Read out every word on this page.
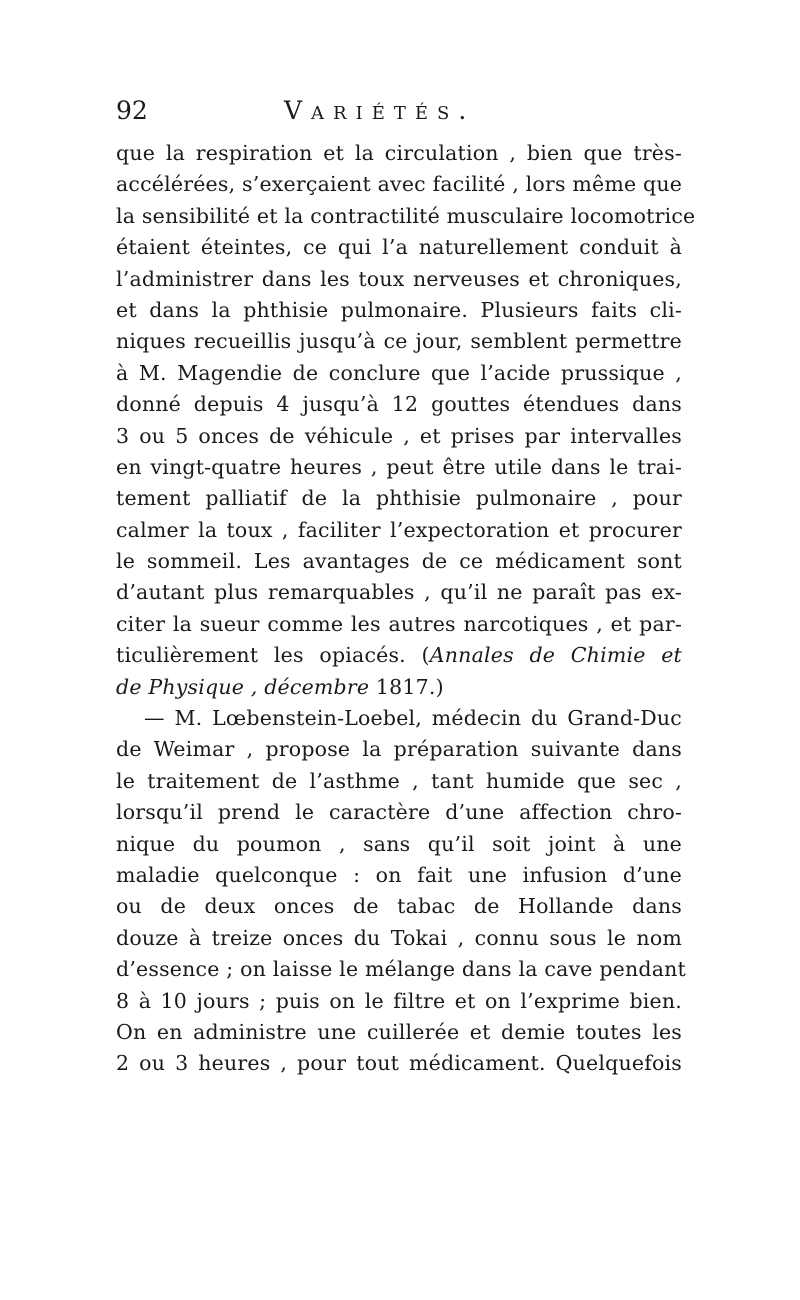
92	Variétés.
que la respiration et la circulation , bien que très-
accélérées, s’exerçaient avec facilité , lors même que
la sensibilité et la contractilité musculaire locomotrice
étaient éteintes, ce qui l’a naturellement conduit à
l’administrer dans les toux nerveuses et chroniques,
et dans la phthisie pulmonaire. Plusieurs faits cli-
niques recueillis jusqu’à ce jour, semblent permettre
à M. Magendie de conclure que l’acide prussique ,
donné depuis 4 jusqu’à 12 gouttes étendues dans
3 ou 5 onces de véhicule , et prises par intervalles
en vingt-quatre heures , peut être utile dans le trai-
tement palliatif de la phthisie pulmonaire , pour
calmer la toux , faciliter l’expectoration et procurer
le sommeil. Les avantages de ce médicament sont
d’autant plus remarquables , qu’il ne paraît pas ex-
citer la sueur comme les autres narcotiques , et par-
ticulièrement les opiacés. (Annales de Chimie et
de Physique , décembre 1817.)
— M. Lœbenstein-Loebel, médecin du Grand-Duc
de Weimar , propose la préparation suivante dans
le traitement de l’asthme , tant humide que sec ,
lorsqu’il prend le caractère d’une affection chro-
nique du poumon , sans qu’il soit joint à une
maladie quelconque : on fait une infusion d’une
ou de deux onces de tabac de Hollande dans
douze à treize onces du Tokai , connu sous le nom
d’essence ; on laisse le mélange dans la cave pendant
8 à 10 jours ; puis on le filtre et on l’exprime bien.
On en administre une cuillerée et demie toutes les
2 ou 3 heures , pour tout médicament. Quelquefois
